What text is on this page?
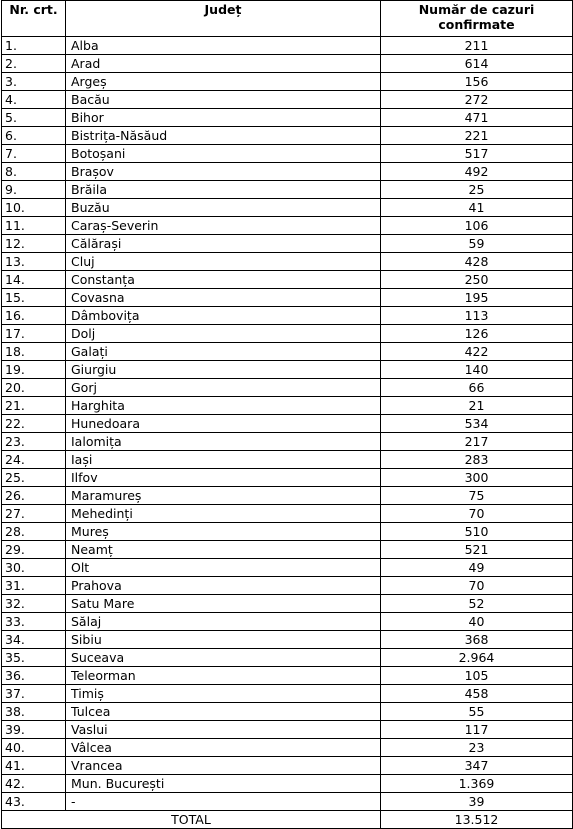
Nr. crt.	Județ	Număr de cazuri confirmate
1.	Alba	211
2.	Arad	614
3.	Argeș	156
4.	Bacău	272
5.	Bihor	471
6.	Bistrița-Năsăud	221
7.	Botoșani	517
8.	Brașov	492
9.	Brăila	25
10.	Buzău	41
11.	Caraș-Severin	106
12.	Călărași	59
13.	Cluj	428
14.	Constanța	250
15.	Covasna	195
16.	Dâmbovița	113
17.	Dolj	126
18.	Galați	422
19.	Giurgiu	140
20.	Gorj	66
21.	Harghita	21
22.	Hunedoara	534
23.	Ialomița	217
24.	Iași	283
25.	Ilfov	300
26.	Maramureș	75
27.	Mehedinți	70
28.	Mureș	510
29.	Neamț	521
30.	Olt	49
31.	Prahova	70
32.	Satu Mare	52
33.	Sălaj	40
34.	Sibiu	368
35.	Suceava	2.964
36.	Teleorman	105
37.	Timiș	458
38.	Tulcea	55
39.	Vaslui	117
40.	Vâlcea	23
41.	Vrancea	347
42.	Mun. București	1.369
43.	-	39
TOTAL		13.512
